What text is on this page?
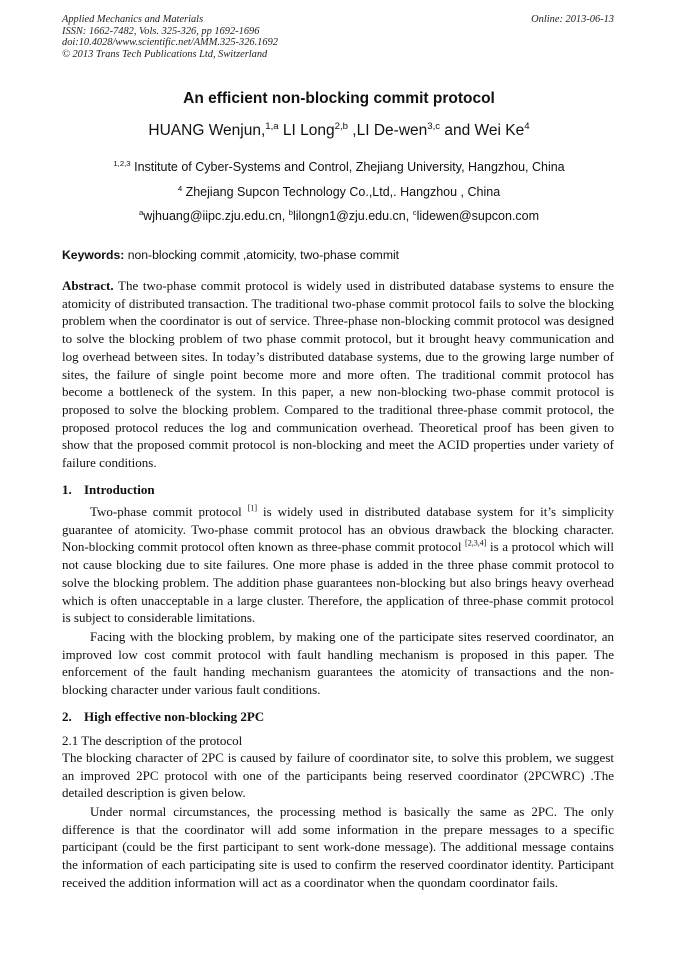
Applied Mechanics and Materials
ISSN: 1662-7482, Vols. 325-326, pp 1692-1696
doi:10.4028/www.scientific.net/AMM.325-326.1692
© 2013 Trans Tech Publications Ltd, Switzerland
Online: 2013-06-13
An efficient non-blocking commit protocol
HUANG Wenjun,$^{1,a}$ LI Long$^{2,b}$ ,LI De-wen$^{3,c}$ and Wei Ke$^4$
$^{1,2,3}$ Institute of Cyber-Systems and Control, Zhejiang University, Hangzhou, China
$^4$ Zhejiang Supcon Technology Co.,Ltd,. Hangzhou , China
$^a$wjhuang@iipc.zju.edu.cn, $^b$lilongn1@zju.edu.cn, $^c$lidewen@supcon.com
Keywords: non-blocking commit ,atomicity, two-phase commit
Abstract. The two-phase commit protocol is widely used in distributed database systems to ensure the atomicity of distributed transaction. The traditional two-phase commit protocol fails to solve the blocking problem when the coordinator is out of service. Three-phase non-blocking commit protocol was designed to solve the blocking problem of two phase commit protocol, but it brought heavy communication and log overhead between sites. In today’s distributed database systems, due to the growing large number of sites, the failure of single point become more and more often. The traditional commit protocol has become a bottleneck of the system. In this paper, a new non-blocking two-phase commit protocol is proposed to solve the blocking problem. Compared to the traditional three-phase commit protocol, the proposed protocol reduces the log and communication overhead. Theoretical proof has been given to show that the proposed commit protocol is non-blocking and meet the ACID properties under variety of failure conditions.
1. Introduction
Two-phase commit protocol [1] is widely used in distributed database system for it’s simplicity guarantee of atomicity. Two-phase commit protocol has an obvious drawback the blocking character. Non-blocking commit protocol often known as three-phase commit protocol [2,3,4] is a protocol which will not cause blocking due to site failures. One more phase is added in the three phase commit protocol to solve the blocking problem. The addition phase guarantees non-blocking but also brings heavy overhead which is often unacceptable in a large cluster. Therefore, the application of three-phase commit protocol is subject to considerable limitations.
Facing with the blocking problem, by making one of the participate sites reserved coordinator, an improved low cost commit protocol with fault handling mechanism is proposed in this paper. The enforcement of the fault handing mechanism guarantees the atomicity of transactions and the non-blocking character under various fault conditions.
2. High effective non-blocking 2PC
2.1 The description of the protocol
The blocking character of 2PC is caused by failure of coordinator site, to solve this problem, we suggest an improved 2PC protocol with one of the participants being reserved coordinator (2PCWRC) .The detailed description is given below.
Under normal circumstances, the processing method is basically the same as 2PC. The only difference is that the coordinator will add some information in the prepare messages to a specific participant (could be the first participant to sent work-done message). The additional message contains the information of each participating site is used to confirm the reserved coordinator identity. Participant received the addition information will act as a coordinator when the quondam coordinator fails.
